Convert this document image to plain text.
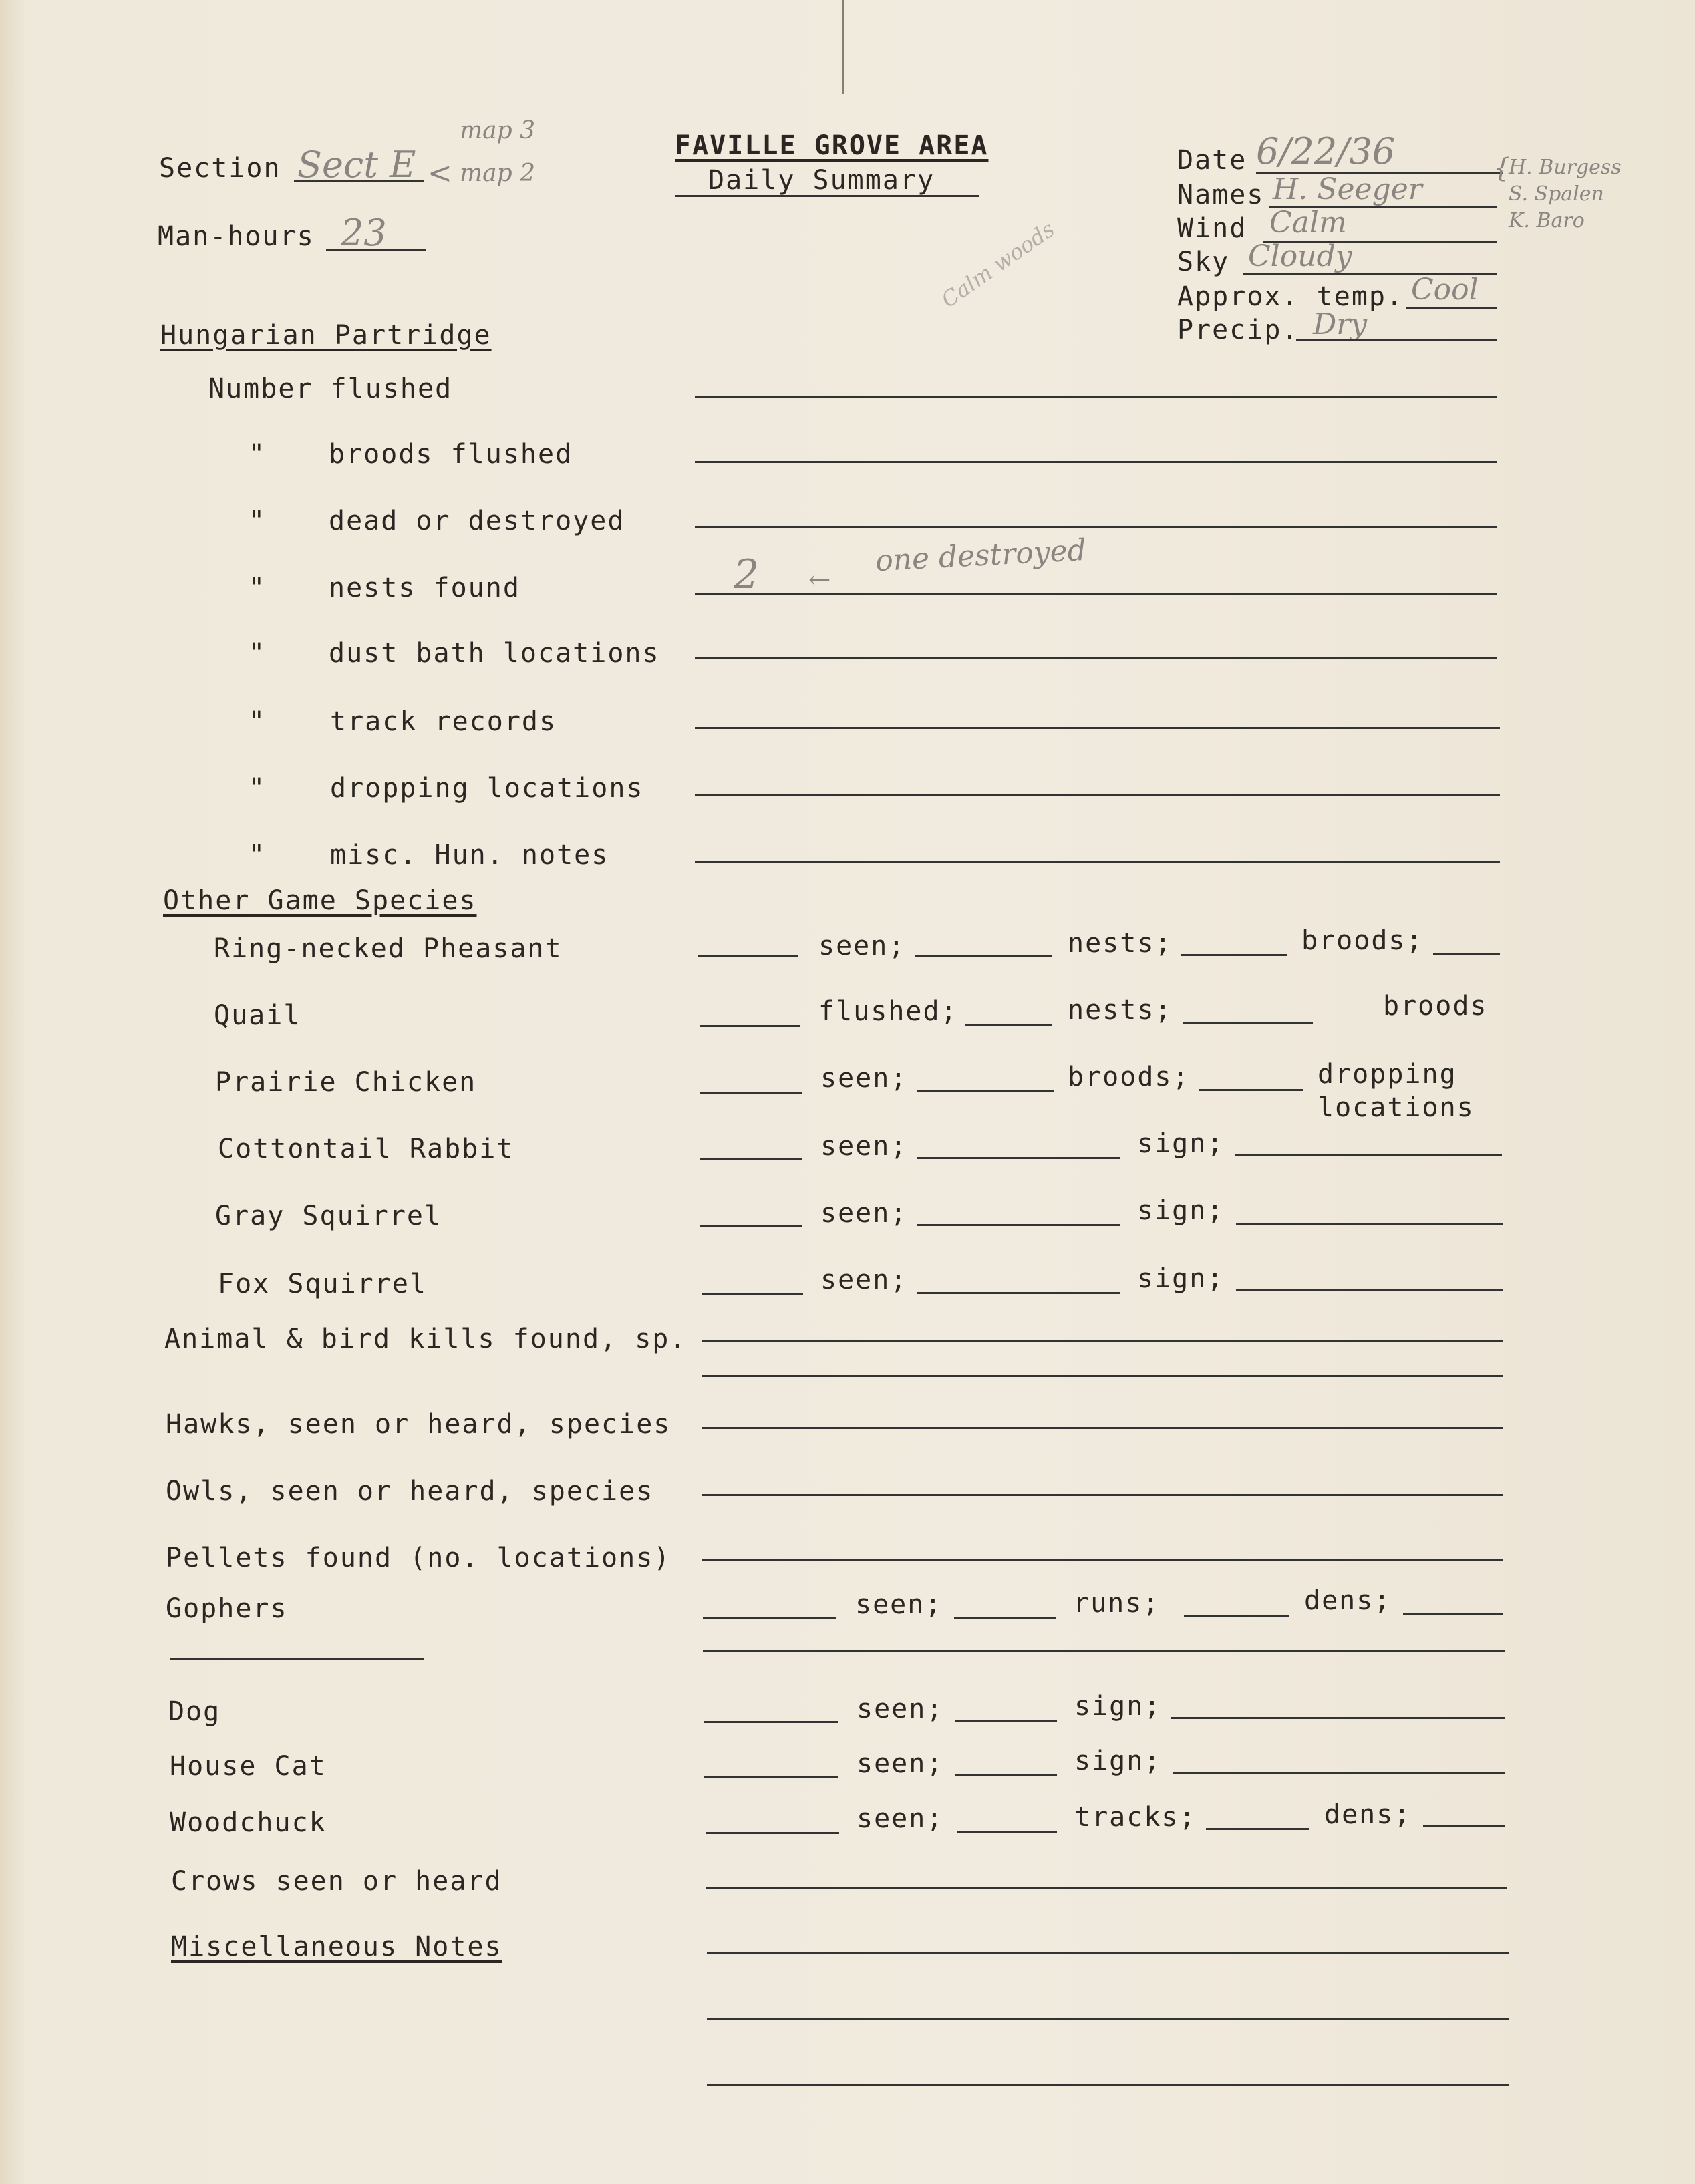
FAVILLE GROVE AREA
Daily Summary
Section Sect E <
map 3
map 2
Man-hours 23
Date 6/22/36
Names H. Seeger
{
H. Burgess
S. Spalen
K. Baro
Wind Calm
Sky Cloudy
Approx. temp. Cool
Precip. Dry
Calm woods
Hungarian Partridge
Number flushed
" broods flushed
" dead or destroyed
" nests found	2 ←
one destroyed
" dust bath locations
" track records
" dropping locations
" misc. Hun. notes
Other Game Species
Ring-necked Pheasant	seen;	nests;	broods;
Quail	flushed;	nests;	broods
Prairie Chicken	seen;	broods;	dropping
locations
Cottontail Rabbit	seen;	sign;
Gray Squirrel	seen;	sign;
Fox Squirrel	seen;	sign;
Animal & bird kills found, sp.
Hawks, seen or heard, species
Owls, seen or heard, species
Pellets found (no. locations)
Gophers	seen;	runs;	dens;
Dog	seen;	sign;
House Cat	seen;	sign;
Woodchuck	seen;	tracks;	dens;
Crows seen or heard
Miscellaneous Notes
